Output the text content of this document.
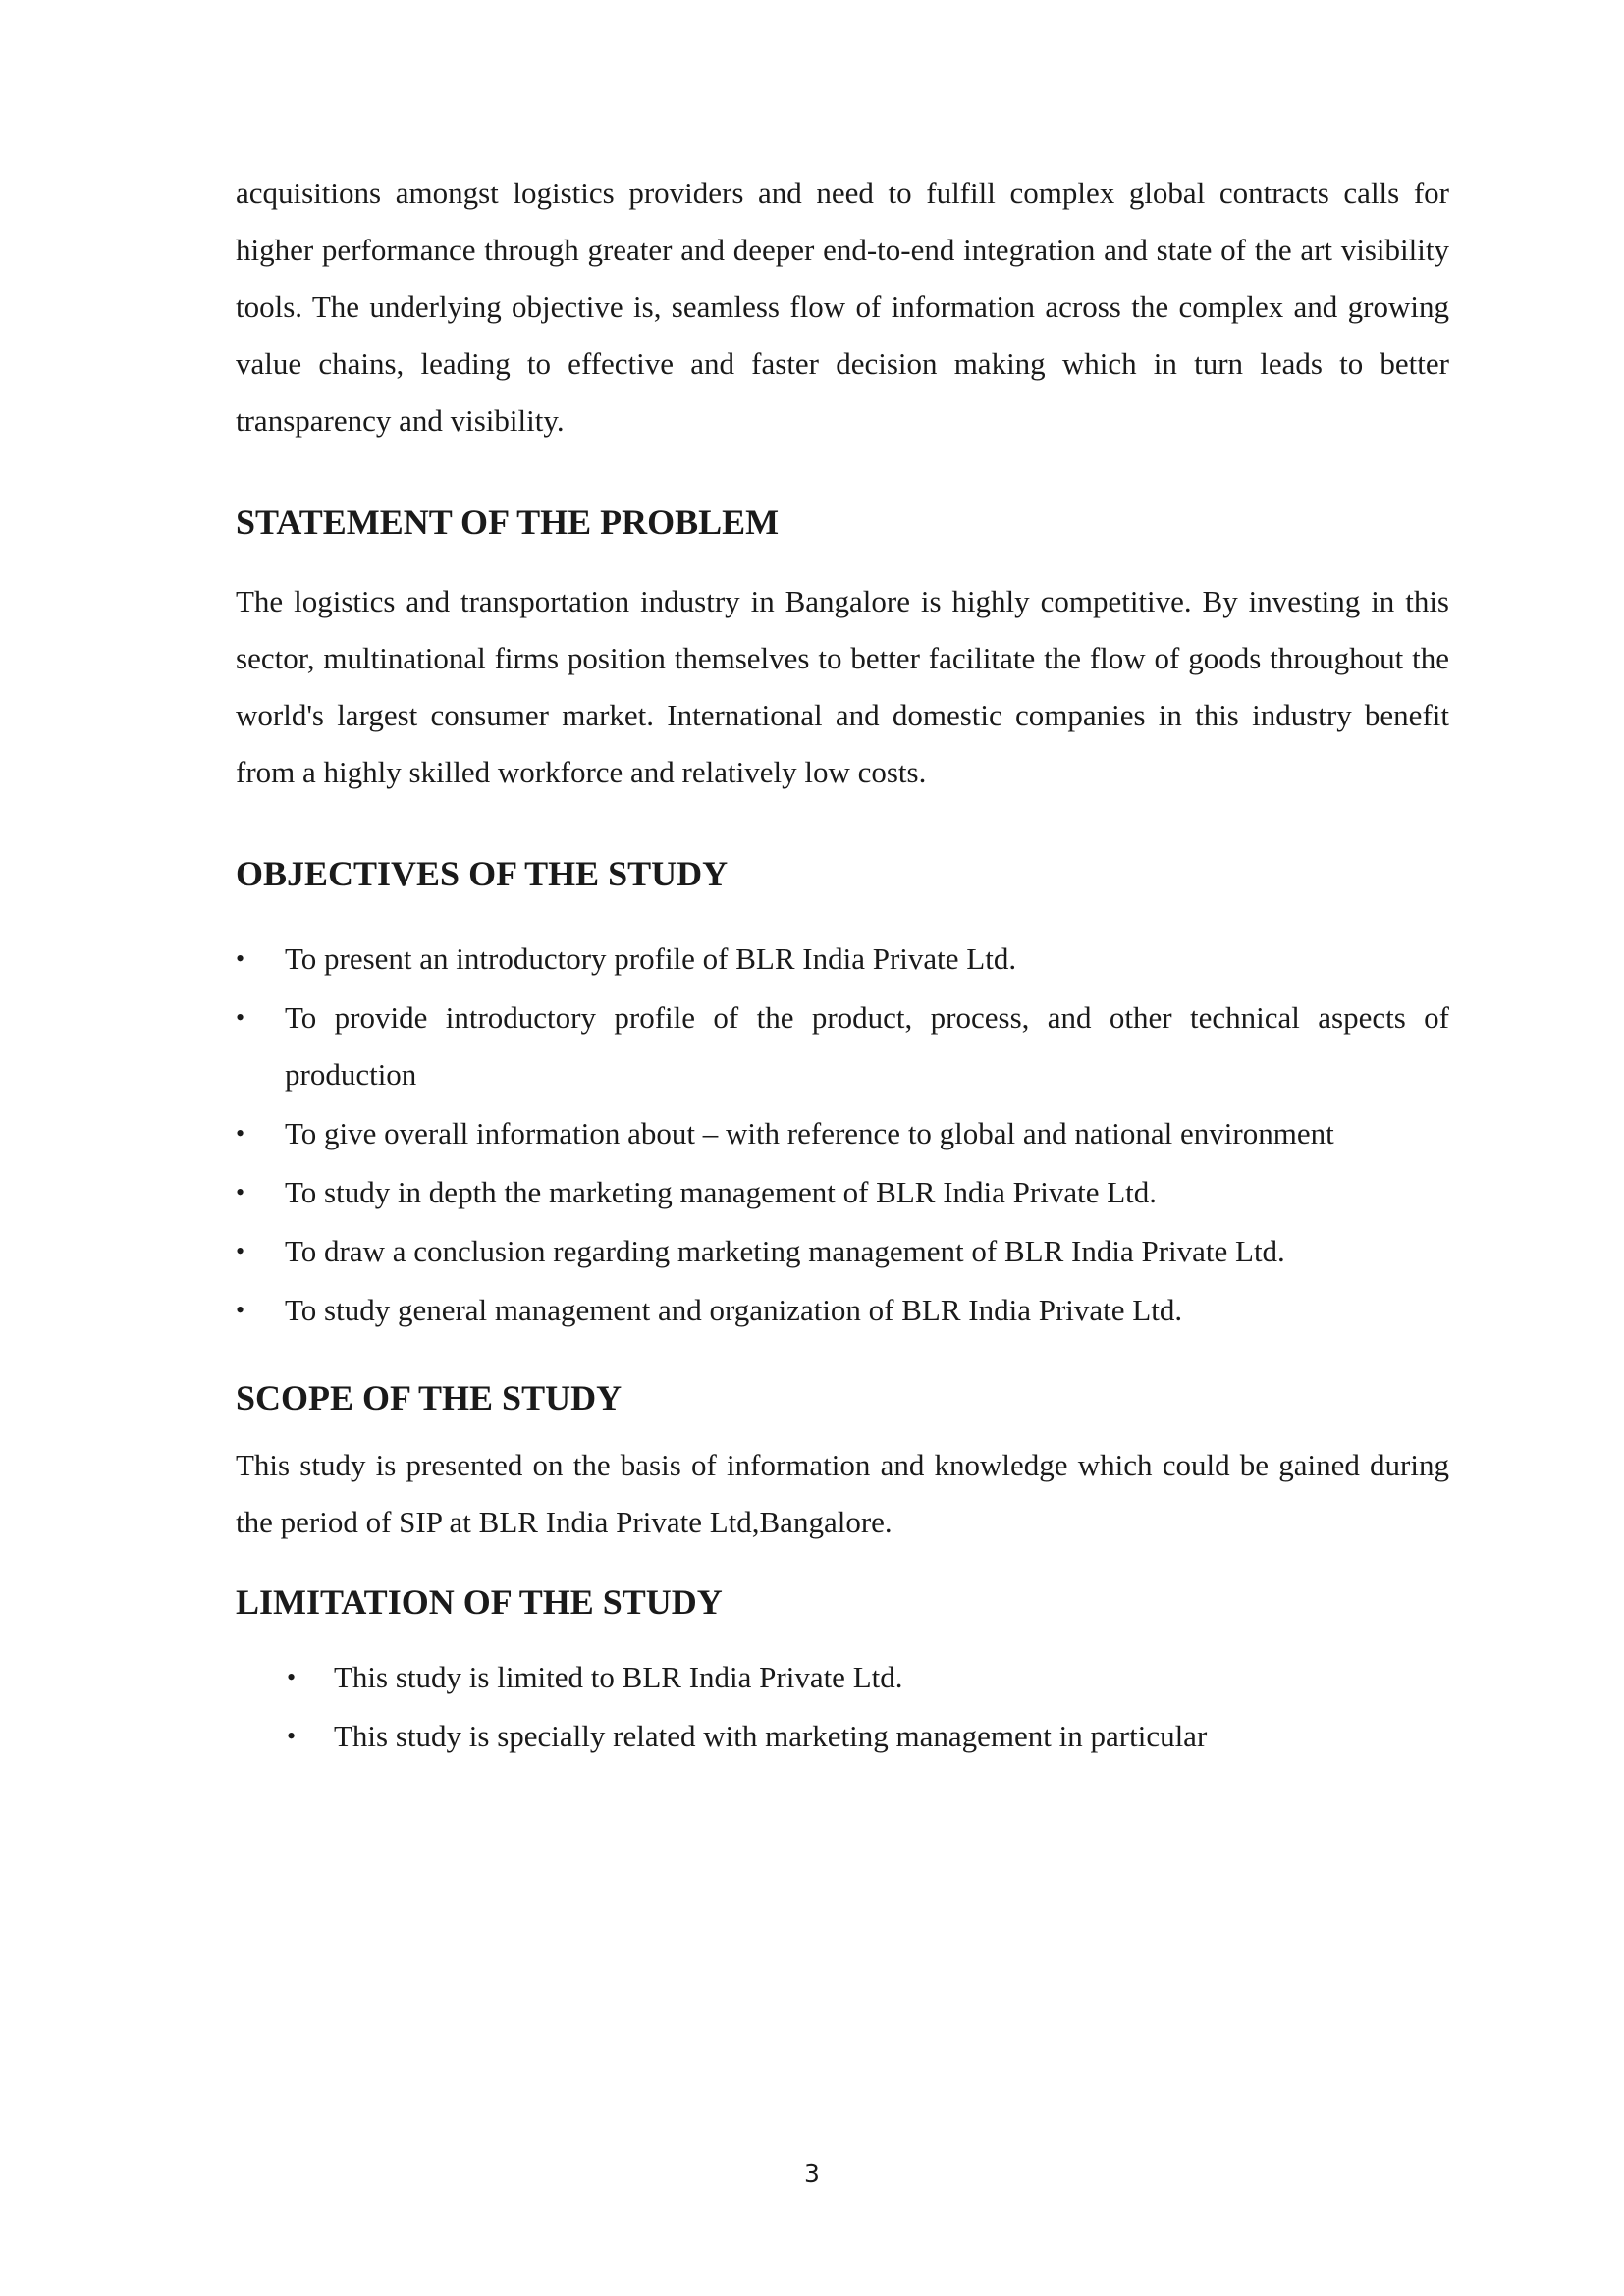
acquisitions amongst logistics providers and need to fulfill complex global contracts calls for higher performance through greater and deeper end-to-end integration and state of the art visibility tools. The underlying objective is, seamless flow of information across the complex and growing value chains, leading to effective and faster decision making which in turn leads to better transparency and visibility.

STATEMENT OF THE PROBLEM

The logistics and transportation industry in Bangalore is highly competitive. By investing in this sector, multinational firms position themselves to better facilitate the flow of goods throughout the world's largest consumer market. International and domestic companies in this industry benefit from a highly skilled workforce and relatively low costs.

OBJECTIVES OF THE STUDY
• To present an introductory profile of BLR India Private Ltd.
• To provide introductory profile of the product, process, and other technical aspects of production
• To give overall information about – with reference to global and national environment
• To study in depth the marketing management of BLR India Private Ltd.
• To draw a conclusion regarding marketing management of BLR India Private Ltd.
• To study general management and organization of BLR India Private Ltd.
SCOPE OF THE STUDY

This study is presented on the basis of information and knowledge which could be gained during the period of SIP at BLR India Private Ltd,Bangalore.

LIMITATION OF THE STUDY
• This study is limited to BLR India Private Ltd.
• This study is specially related with marketing management in particular
3
